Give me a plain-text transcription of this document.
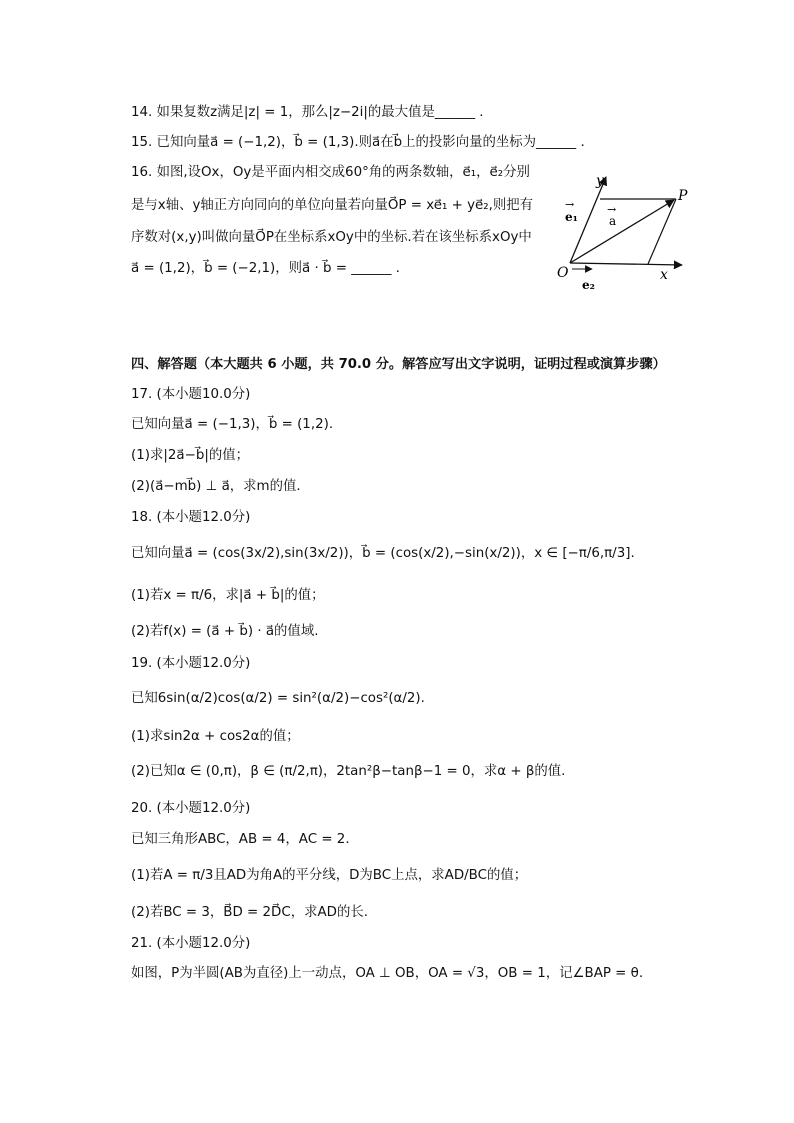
14. 如果复数z满足|z| = 1，那么|z−2i|的最大值是______ .
15. 已知向量a⃗ = (−1,2)，b⃗ = (1,3).则a⃗在b⃗上的投影向量的坐标为______ .
16. 如图,设Ox，Oy是平面内相交成60°角的两条数轴，e⃗₁，e⃗₂分别
是与x轴、y轴正方向同向的单位向量若向量O⃗P = xe⃗₁ + ye⃗₂,则把有
序数对(x,y)叫做向量O⃗P在坐标系xOy中的坐标.若在该坐标系xOy中
a⃗ = (1,2)，b⃗ = (−2,1)，则a⃗ · b⃗ = ______ .
y
x
O
P
e₁
→
a
→
e₂
四、解答题（本大题共 6 小题，共 70.0 分。解答应写出文字说明，证明过程或演算步骤）
17. (本小题10.0分)
已知向量a⃗ = (−1,3)，b⃗ = (1,2).
(1)求|2a⃗−b⃗|的值；
(2)(a⃗−mb⃗) ⊥ a⃗，求m的值.
18. (本小题12.0分)
已知向量a⃗ = (cos(3x/2),sin(3x/2))，b⃗ = (cos(x/2),−sin(x/2))，x ∈ [−π/6,π/3].
(1)若x = π/6，求|a⃗ + b⃗|的值；
(2)若f(x) = (a⃗ + b⃗) · a⃗的值域.
19. (本小题12.0分)
已知6sin(α/2)cos(α/2) = sin²(α/2)−cos²(α/2).
(1)求sin2α + cos2α的值；
(2)已知α ∈ (0,π)，β ∈ (π/2,π)，2tan²β−tanβ−1 = 0，求α + β的值.
20. (本小题12.0分)
已知三角形ABC，AB = 4，AC = 2.
(1)若A = π/3且AD为角A的平分线，D为BC上点，求AD/BC的值；
(2)若BC = 3，B⃗D = 2D⃗C，求AD的长.
21. (本小题12.0分)
如图，P为半圆(AB为直径)上一动点，OA ⊥ OB，OA = √3，OB = 1，记∠BAP = θ.
